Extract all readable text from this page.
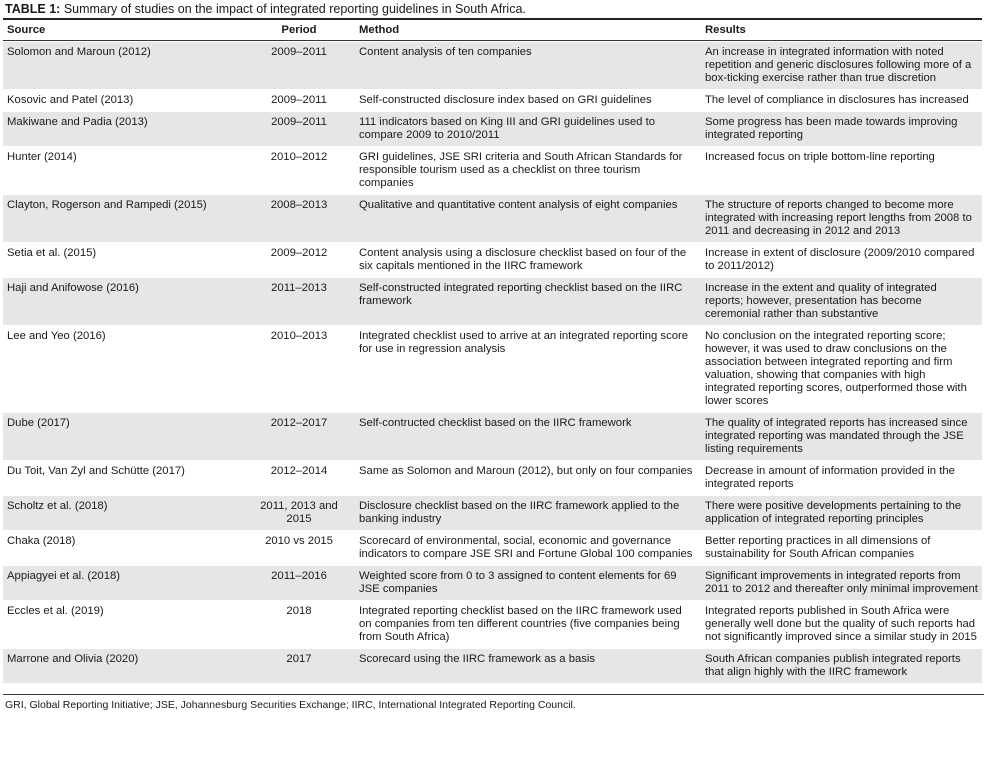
TABLE 1: Summary of studies on the impact of integrated reporting guidelines in South Africa.
Source	Period	Method	Results
Solomon and Maroun (2012)	2009–2011	Content analysis of ten companies	An increase in integrated information with noted repetition and generic disclosures following more of a box-ticking exercise rather than true discretion
Kosovic and Patel (2013)	2009–2011	Self-constructed disclosure index based on GRI guidelines	The level of compliance in disclosures has increased
Makiwane and Padia (2013)	2009–2011	111 indicators based on King III and GRI guidelines used to compare 2009 to 2010/2011	Some progress has been made towards improving integrated reporting
Hunter (2014)	2010–2012	GRI guidelines, JSE SRI criteria and South African Standards for responsible tourism used as a checklist on three tourism companies	Increased focus on triple bottom-line reporting
Clayton, Rogerson and Rampedi (2015)	2008–2013	Qualitative and quantitative content analysis of eight companies	The structure of reports changed to become more integrated with increasing report lengths from 2008 to 2011 and decreasing in 2012 and 2013
Setia et al. (2015)	2009–2012	Content analysis using a disclosure checklist based on four of the six capitals mentioned in the IIRC framework	Increase in extent of disclosure (2009/2010 compared to 2011/2012)
Haji and Anifowose (2016)	2011–2013	Self-constructed integrated reporting checklist based on the IIRC framework	Increase in the extent and quality of integrated reports; however, presentation has become ceremonial rather than substantive
Lee and Yeo (2016)	2010–2013	Integrated checklist used to arrive at an integrated reporting score for use in regression analysis	No conclusion on the integrated reporting score; however, it was used to draw conclusions on the association between integrated reporting and firm valuation, showing that companies with high integrated reporting scores, outperformed those with lower scores
Dube (2017)	2012–2017	Self-contructed checklist based on the IIRC framework	The quality of integrated reports has increased since integrated reporting was mandated through the JSE listing requirements
Du Toit, Van Zyl and Schütte (2017)	2012–2014	Same as Solomon and Maroun (2012), but only on four companies	Decrease in amount of information provided in the integrated reports
Scholtz et al. (2018)	2011, 2013 and 2015	Disclosure checklist based on the IIRC framework applied to the banking industry	There were positive developments pertaining to the application of integrated reporting principles
Chaka (2018)	2010 vs 2015	Scorecard of environmental, social, economic and governance indicators to compare JSE SRI and Fortune Global 100 companies	Better reporting practices in all dimensions of sustainability for South African companies
Appiagyei et al. (2018)	2011–2016	Weighted score from 0 to 3 assigned to content elements for 69 JSE companies	Significant improvements in integrated reports from 2011 to 2012 and thereafter only minimal improvement
Eccles et al. (2019)	2018	Integrated reporting checklist based on the IIRC framework used on companies from ten different countries (five companies being from South Africa)	Integrated reports published in South Africa were generally well done but the quality of such reports had not significantly improved since a similar study in 2015
Marrone and Olivia (2020)	2017	Scorecard using the IIRC framework as a basis	South African companies publish integrated reports that align highly with the IIRC framework
GRI, Global Reporting Initiative; JSE, Johannesburg Securities Exchange; IIRC, International Integrated Reporting Council.
